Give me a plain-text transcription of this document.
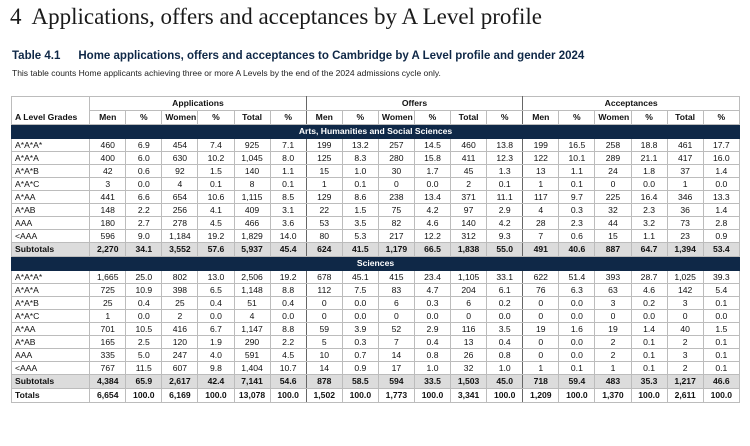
4 Applications, offers and acceptances by A Level profile
Table 4.1 Home applications, offers and acceptances to Cambridge by A Level profile and gender 2024
This table counts Home applicants achieving three or more A Levels by the end of the 2024 admissions cycle only.
	Applications						Offers						Acceptances					
A Level Grades	Men	%	Women	%	Total	%	Men	%	Women	%	Total	%	Men	%	Women	%	Total	%
Arts, Humanities and Social Sciences																		
A*A*A*	460	6.9	454	7.4	925	7.1	199	13.2	257	14.5	460	13.8	199	16.5	258	18.8	461	17.7
A*A*A	400	6.0	630	10.2	1,045	8.0	125	8.3	280	15.8	411	12.3	122	10.1	289	21.1	417	16.0
A*A*B	42	0.6	92	1.5	140	1.1	15	1.0	30	1.7	45	1.3	13	1.1	24	1.8	37	1.4
A*A*C	3	0.0	4	0.1	8	0.1	1	0.1	0	0.0	2	0.1	1	0.1	0	0.0	1	0.0
A*AA	441	6.6	654	10.6	1,115	8.5	129	8.6	238	13.4	371	11.1	117	9.7	225	16.4	346	13.3
A*AB	148	2.2	256	4.1	409	3.1	22	1.5	75	4.2	97	2.9	4	0.3	32	2.3	36	1.4
AAA	180	2.7	278	4.5	466	3.6	53	3.5	82	4.6	140	4.2	28	2.3	44	3.2	73	2.8
<AAA	596	9.0	1,184	19.2	1,829	14.0	80	5.3	217	12.2	312	9.3	7	0.6	15	1.1	23	0.9
Subtotals	2,270	34.1	3,552	57.6	5,937	45.4	624	41.5	1,179	66.5	1,838	55.0	491	40.6	887	64.7	1,394	53.4
Sciences																		
A*A*A*	1,665	25.0	802	13.0	2,506	19.2	678	45.1	415	23.4	1,105	33.1	622	51.4	393	28.7	1,025	39.3
A*A*A	725	10.9	398	6.5	1,148	8.8	112	7.5	83	4.7	204	6.1	76	6.3	63	4.6	142	5.4
A*A*B	25	0.4	25	0.4	51	0.4	0	0.0	6	0.3	6	0.2	0	0.0	3	0.2	3	0.1
A*A*C	1	0.0	2	0.0	4	0.0	0	0.0	0	0.0	0	0.0	0	0.0	0	0.0	0	0.0
A*AA	701	10.5	416	6.7	1,147	8.8	59	3.9	52	2.9	116	3.5	19	1.6	19	1.4	40	1.5
A*AB	165	2.5	120	1.9	290	2.2	5	0.3	7	0.4	13	0.4	0	0.0	2	0.1	2	0.1
AAA	335	5.0	247	4.0	591	4.5	10	0.7	14	0.8	26	0.8	0	0.0	2	0.1	3	0.1
<AAA	767	11.5	607	9.8	1,404	10.7	14	0.9	17	1.0	32	1.0	1	0.1	1	0.1	2	0.1
Subtotals	4,384	65.9	2,617	42.4	7,141	54.6	878	58.5	594	33.5	1,503	45.0	718	59.4	483	35.3	1,217	46.6
Totals	6,654	100.0	6,169	100.0	13,078	100.0	1,502	100.0	1,773	100.0	3,341	100.0	1,209	100.0	1,370	100.0	2,611	100.0
